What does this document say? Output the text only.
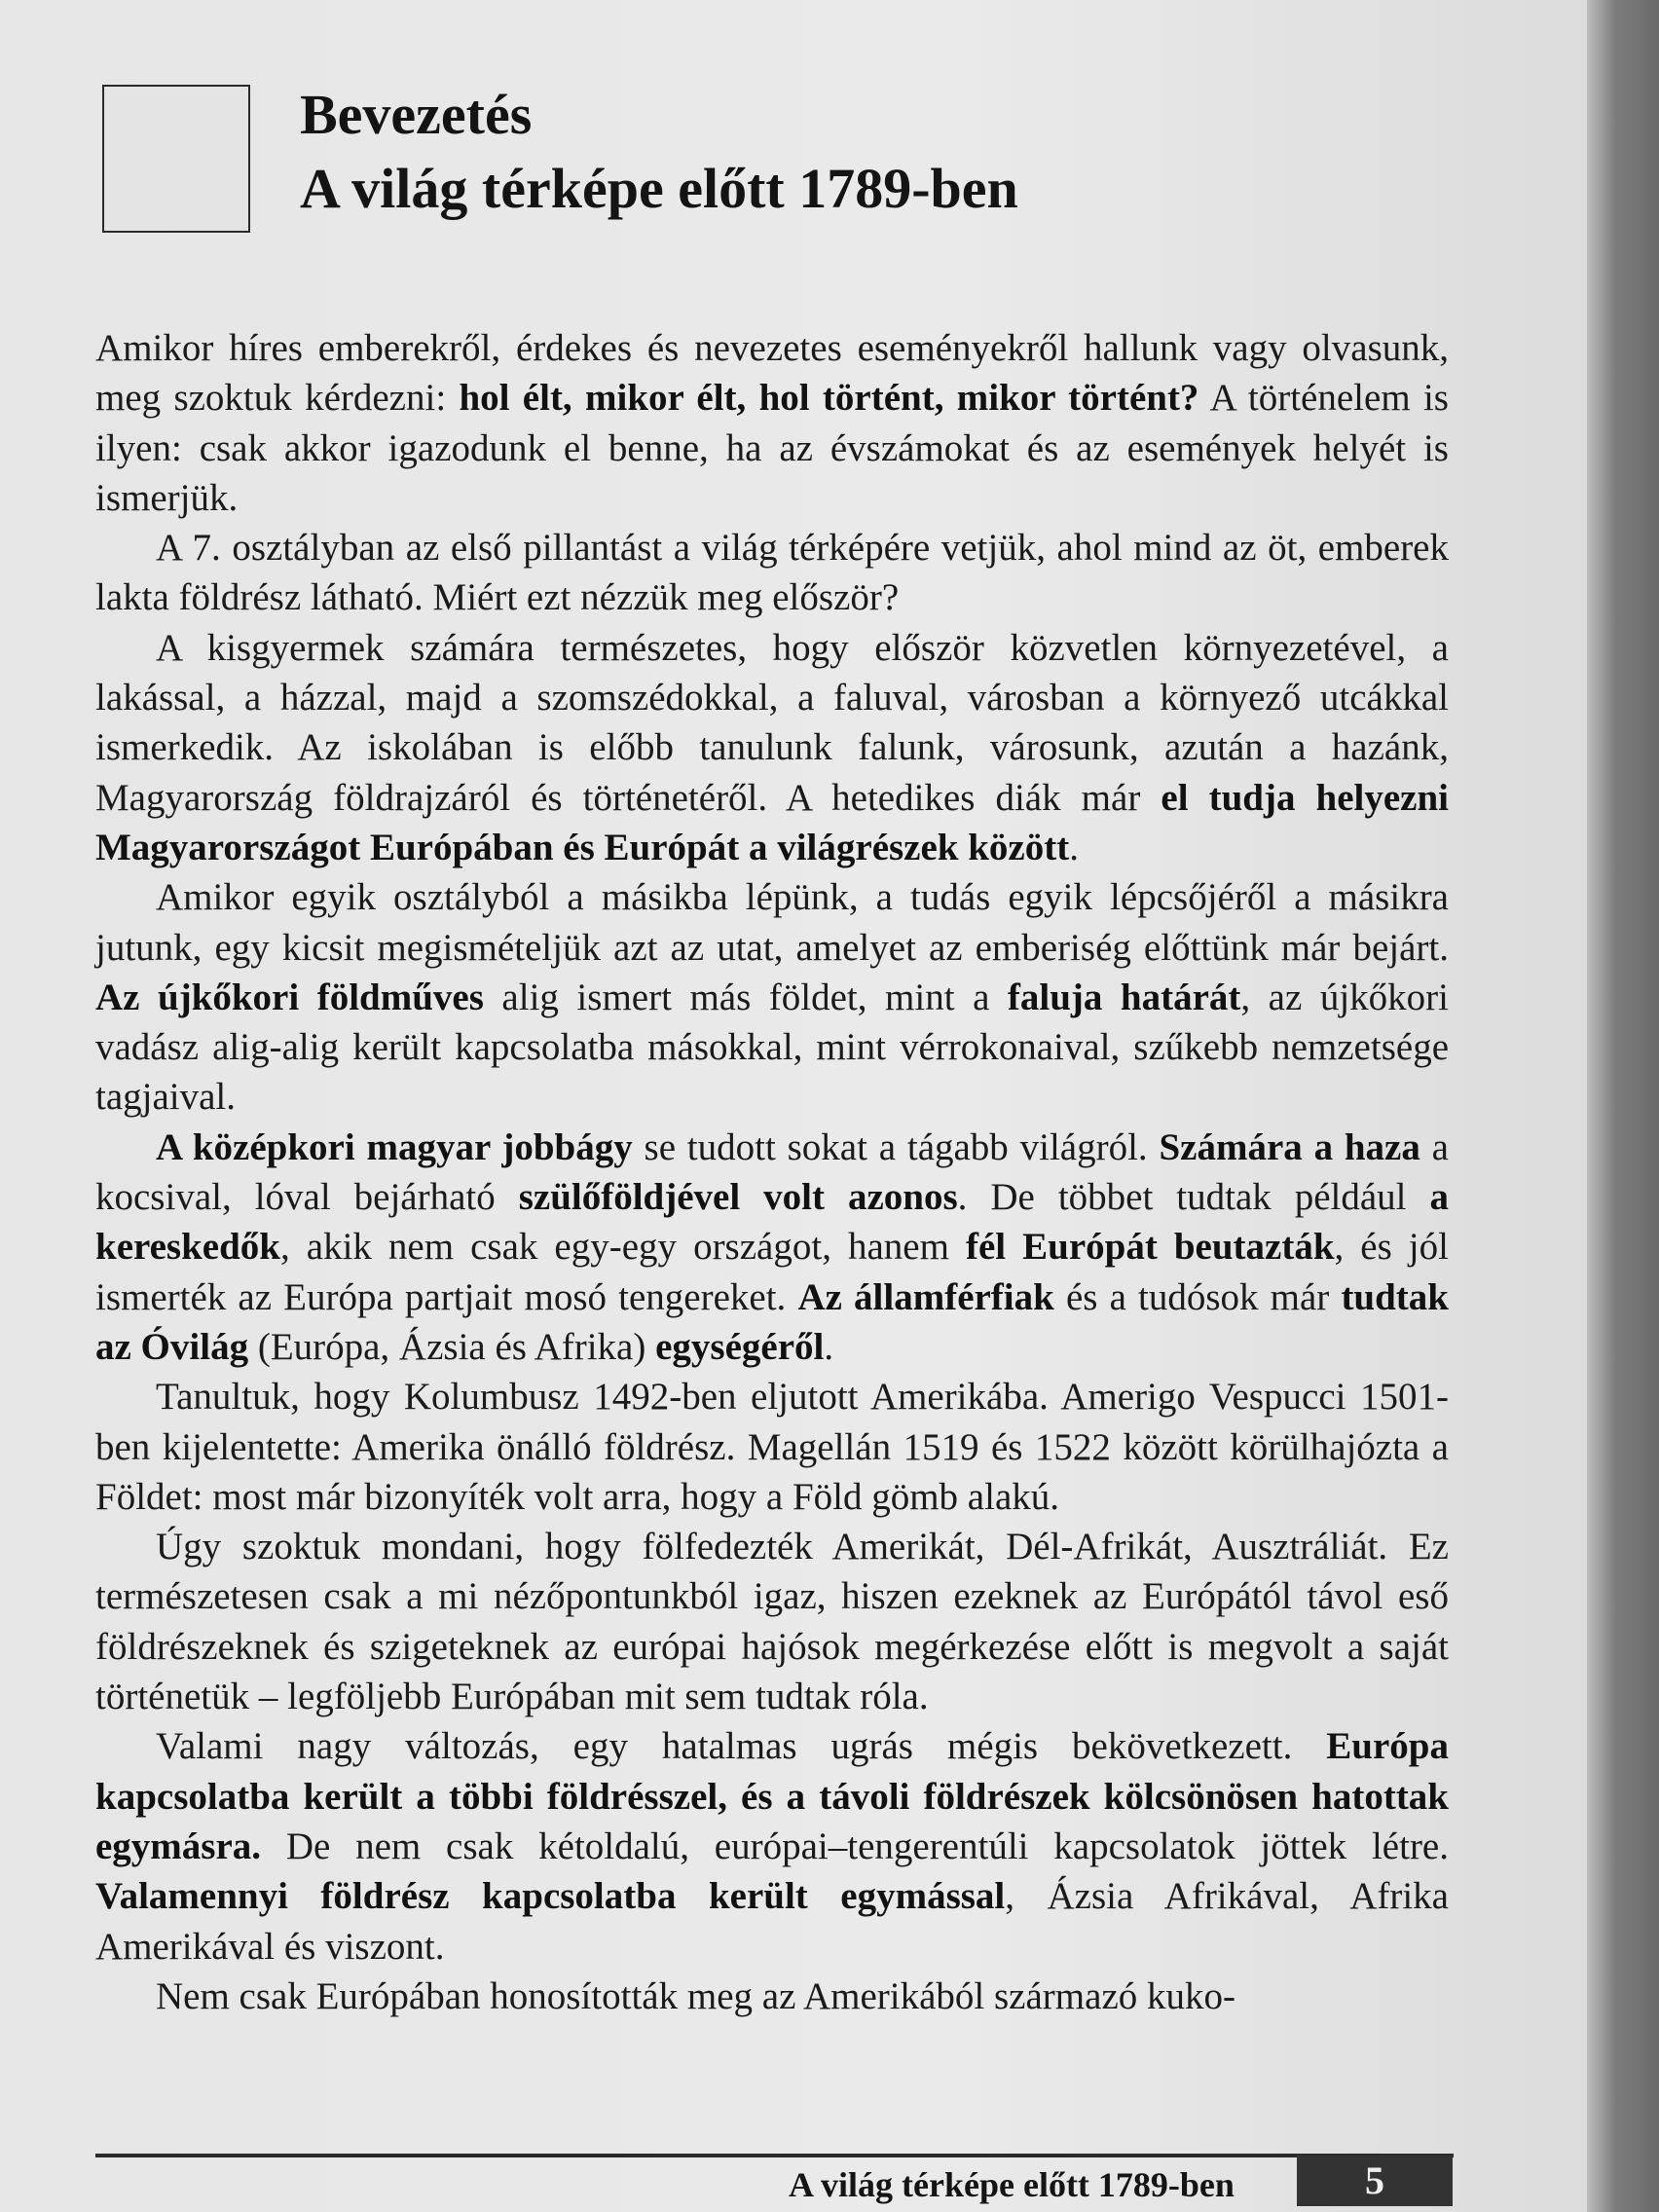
Bevezetés
A világ térképe előtt 1789-ben

Amikor híres emberekről, érdekes és nevezetes eseményekről hallunk vagy olvasunk, meg szoktuk kérdezni: hol élt, mikor élt, hol történt, mikor történt? A történelem is ilyen: csak akkor igazodunk el benne, ha az évszámokat és az események helyét is ismerjük.

A 7. osztályban az első pillantást a világ térképére vetjük, ahol mind az öt, emberek lakta földrész látható. Miért ezt nézzük meg először?

A kisgyermek számára természetes, hogy először közvetlen környezetével, a lakással, a házzal, majd a szomszédokkal, a faluval, városban a környező utcákkal ismerkedik. Az iskolában is előbb tanulunk falunk, városunk, azután a hazánk, Magyarország földrajzáról és történetéről. A hetedikes diák már el tudja helyezni Magyarországot Európában és Európát a világrészek között.

Amikor egyik osztályból a másikba lépünk, a tudás egyik lépcsőjéről a másikra jutunk, egy kicsit megismételjük azt az utat, amelyet az emberiség előttünk már bejárt. Az újkőkori földműves alig ismert más földet, mint a faluja határát, az újkőkori vadász alig-alig került kapcsolatba másokkal, mint vérrokonaival, szűkebb nemzetsége tagjaival.

A középkori magyar jobbágy se tudott sokat a tágabb világról. Számára a haza a kocsival, lóval bejárható szülőföldjével volt azonos. De többet tudtak például a kereskedők, akik nem csak egy-egy országot, hanem fél Európát beutazták, és jól ismerték az Európa partjait mosó tengereket. Az államférfiak és a tudósok már tudtak az Óvilág (Európa, Ázsia és Afrika) egységéről.

Tanultuk, hogy Kolumbusz 1492-ben eljutott Amerikába. Amerigo Vespucci 1501-ben kijelentette: Amerika önálló földrész. Magellán 1519 és 1522 között körülhajózta a Földet: most már bizonyíték volt arra, hogy a Föld gömb alakú.

Úgy szoktuk mondani, hogy fölfedezték Amerikát, Dél-Afrikát, Ausztráliát. Ez természetesen csak a mi nézőpontunkból igaz, hiszen ezeknek az Európától távol eső földrészeknek és szigeteknek az európai hajósok megérkezése előtt is megvolt a saját történetük – legföljebb Európában mit sem tudtak róla.

Valami nagy változás, egy hatalmas ugrás mégis bekövetkezett. Európa kapcsolatba került a többi földrésszel, és a távoli földrészek kölcsönösen hatottak egymásra. De nem csak kétoldalú, európai–tengerentúli kapcsolatok jöttek létre. Valamennyi földrész kapcsolatba került egymással, Ázsia Afrikával, Afrika Amerikával és viszont.

Nem csak Európában honosították meg az Amerikából származó kuko-

A világ térképe előtt 1789-ben	5
